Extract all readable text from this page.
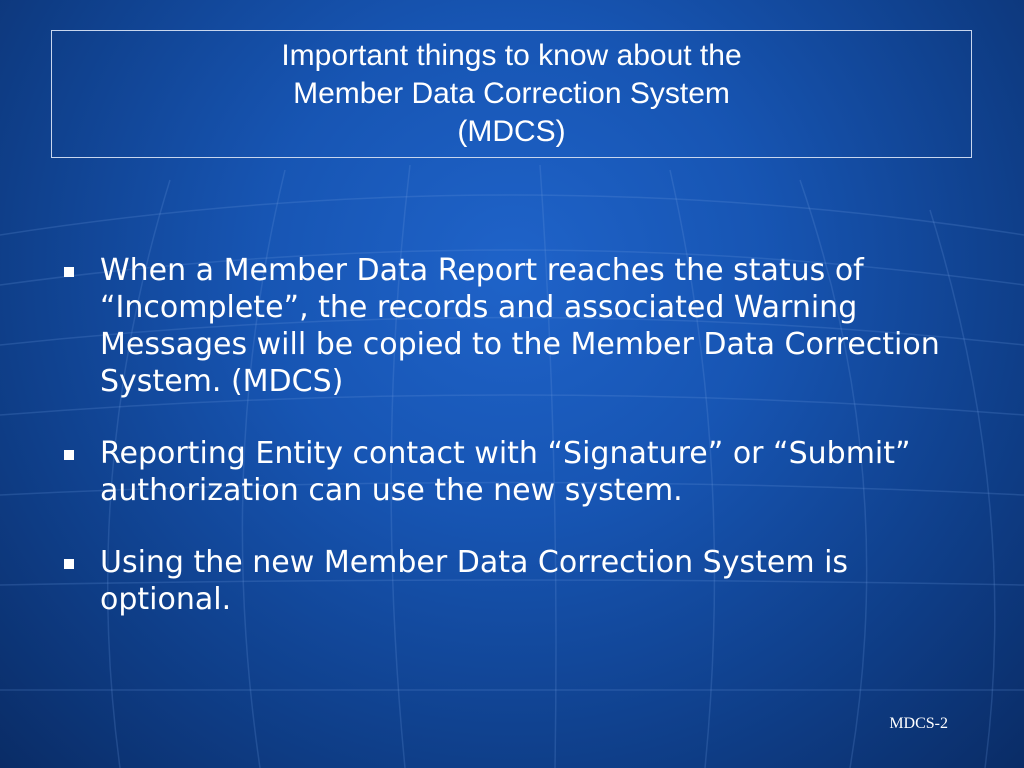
Important things to know about the
Member Data Correction System
(MDCS)
When a Member Data Report reaches the status of “Incomplete”, the records and associated Warning Messages will be copied to the Member Data Correction System. (MDCS)
Reporting Entity contact with “Signature” or “Submit” authorization can use the new system.
Using the new Member Data Correction System is optional.
MDCS-2
